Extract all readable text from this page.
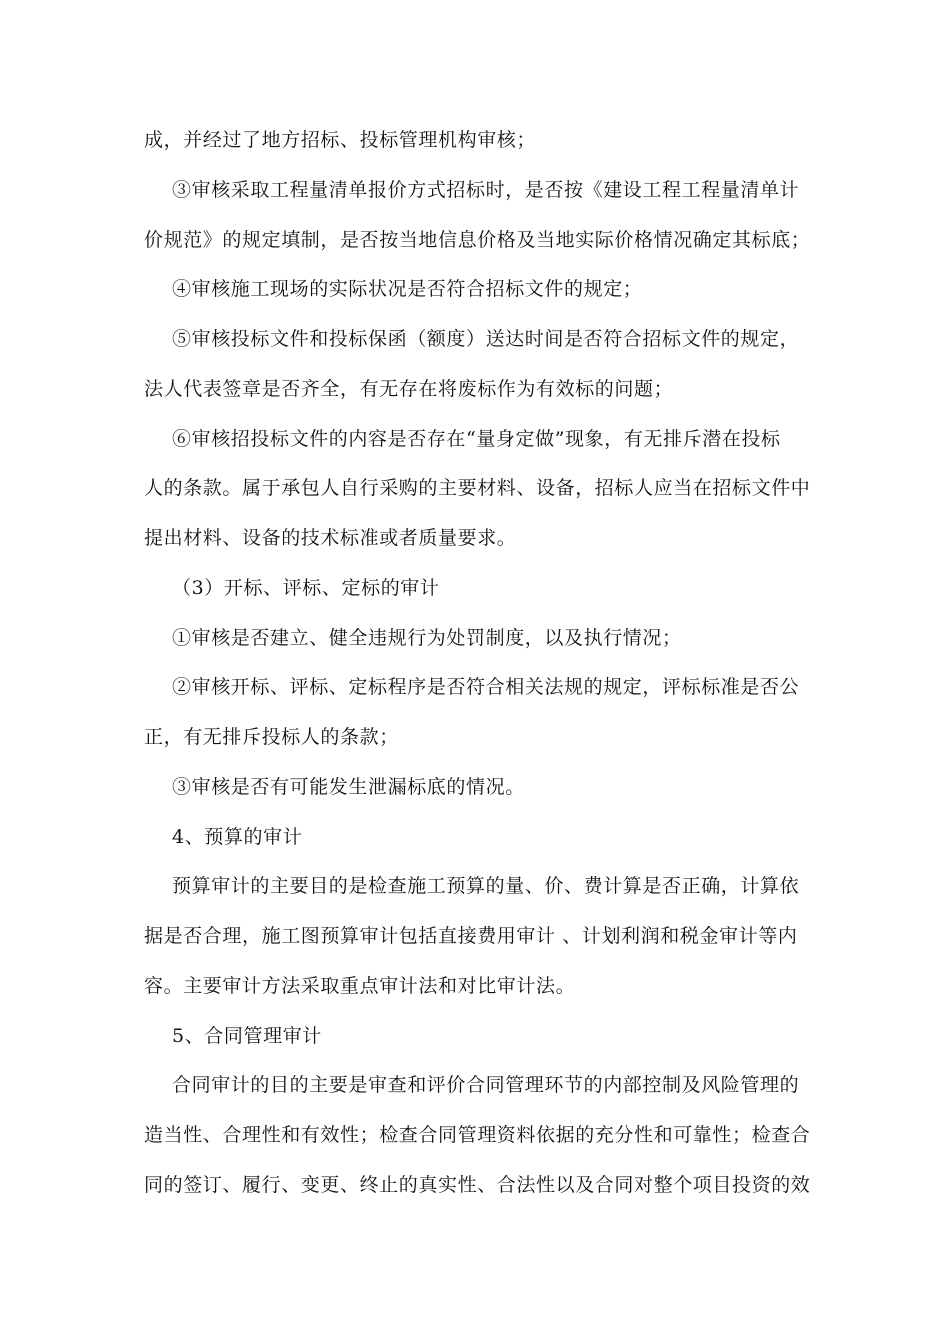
成，并经过了地方招标、投标管理机构审核；
③审核采取工程量清单报价方式招标时，是否按《建设工程工程量清单计
价规范》的规定填制，是否按当地信息价格及当地实际价格情况确定其标底；
④审核施工现场的实际状况是否符合招标文件的规定；
⑤审核投标文件和投标保函（额度）送达时间是否符合招标文件的规定，
法人代表签章是否齐全，有无存在将废标作为有效标的问题；
⑥审核招投标文件的内容是否存在“量身定做”现象，有无排斥潜在投标
人的条款。属于承包人自行采购的主要材料、设备，招标人应当在招标文件中
提出材料、设备的技术标准或者质量要求。
（3）开标、评标、定标的审计
①审核是否建立、健全违规行为处罚制度，以及执行情况；
②审核开标、评标、定标程序是否符合相关法规的规定，评标标准是否公
正，有无排斥投标人的条款；
③审核是否有可能发生泄漏标底的情况。
4、预算的审计
预算审计的主要目的是检查施工预算的量、价、费计算是否正确，计算依
据是否合理，施工图预算审计包括直接费用审计 、计划利润和税金审计等内
容。主要审计方法采取重点审计法和对比审计法。
5、合同管理审计
合同审计的目的主要是审查和评价合同管理环节的内部控制及风险管理的
造当性、合理性和有效性；检查合同管理资料依据的充分性和可靠性；检查合
同的签订、履行、变更、终止的真实性、合法性以及合同对整个项目投资的效
